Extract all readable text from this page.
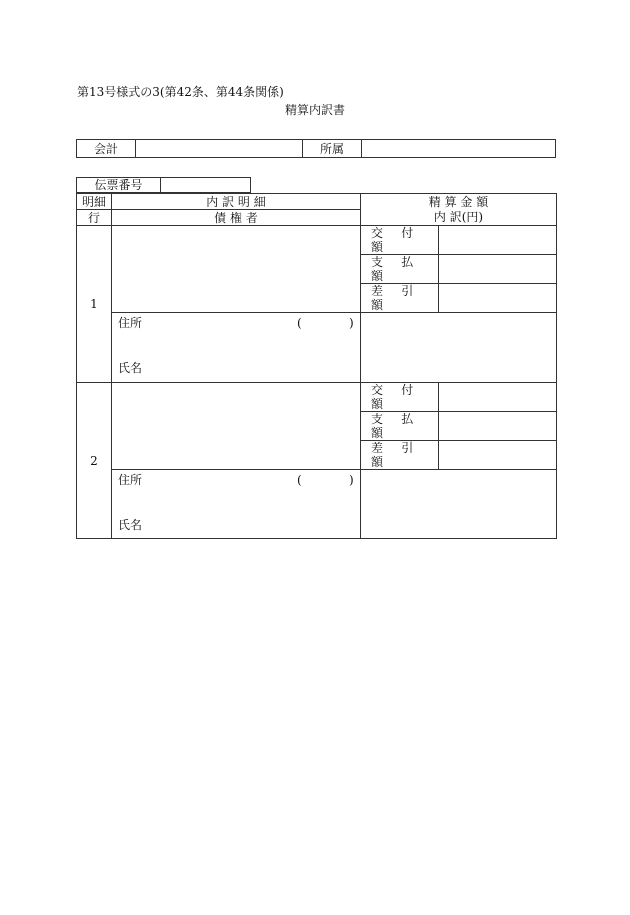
第13号様式の3(第42条、第44条関係)
精算内訳書
会計		所属	
伝票番号	
明細	内 訳 明 細	精 算 金 額	
行	債 権 者	内 訳(円)	
1		交 付 額	
		支 払 額	
		差 引 額	

	住所 ( )
氏名		

2		交 付 額	
		支 払 額	
		差 引 額	

	住所 ( )
氏名		
